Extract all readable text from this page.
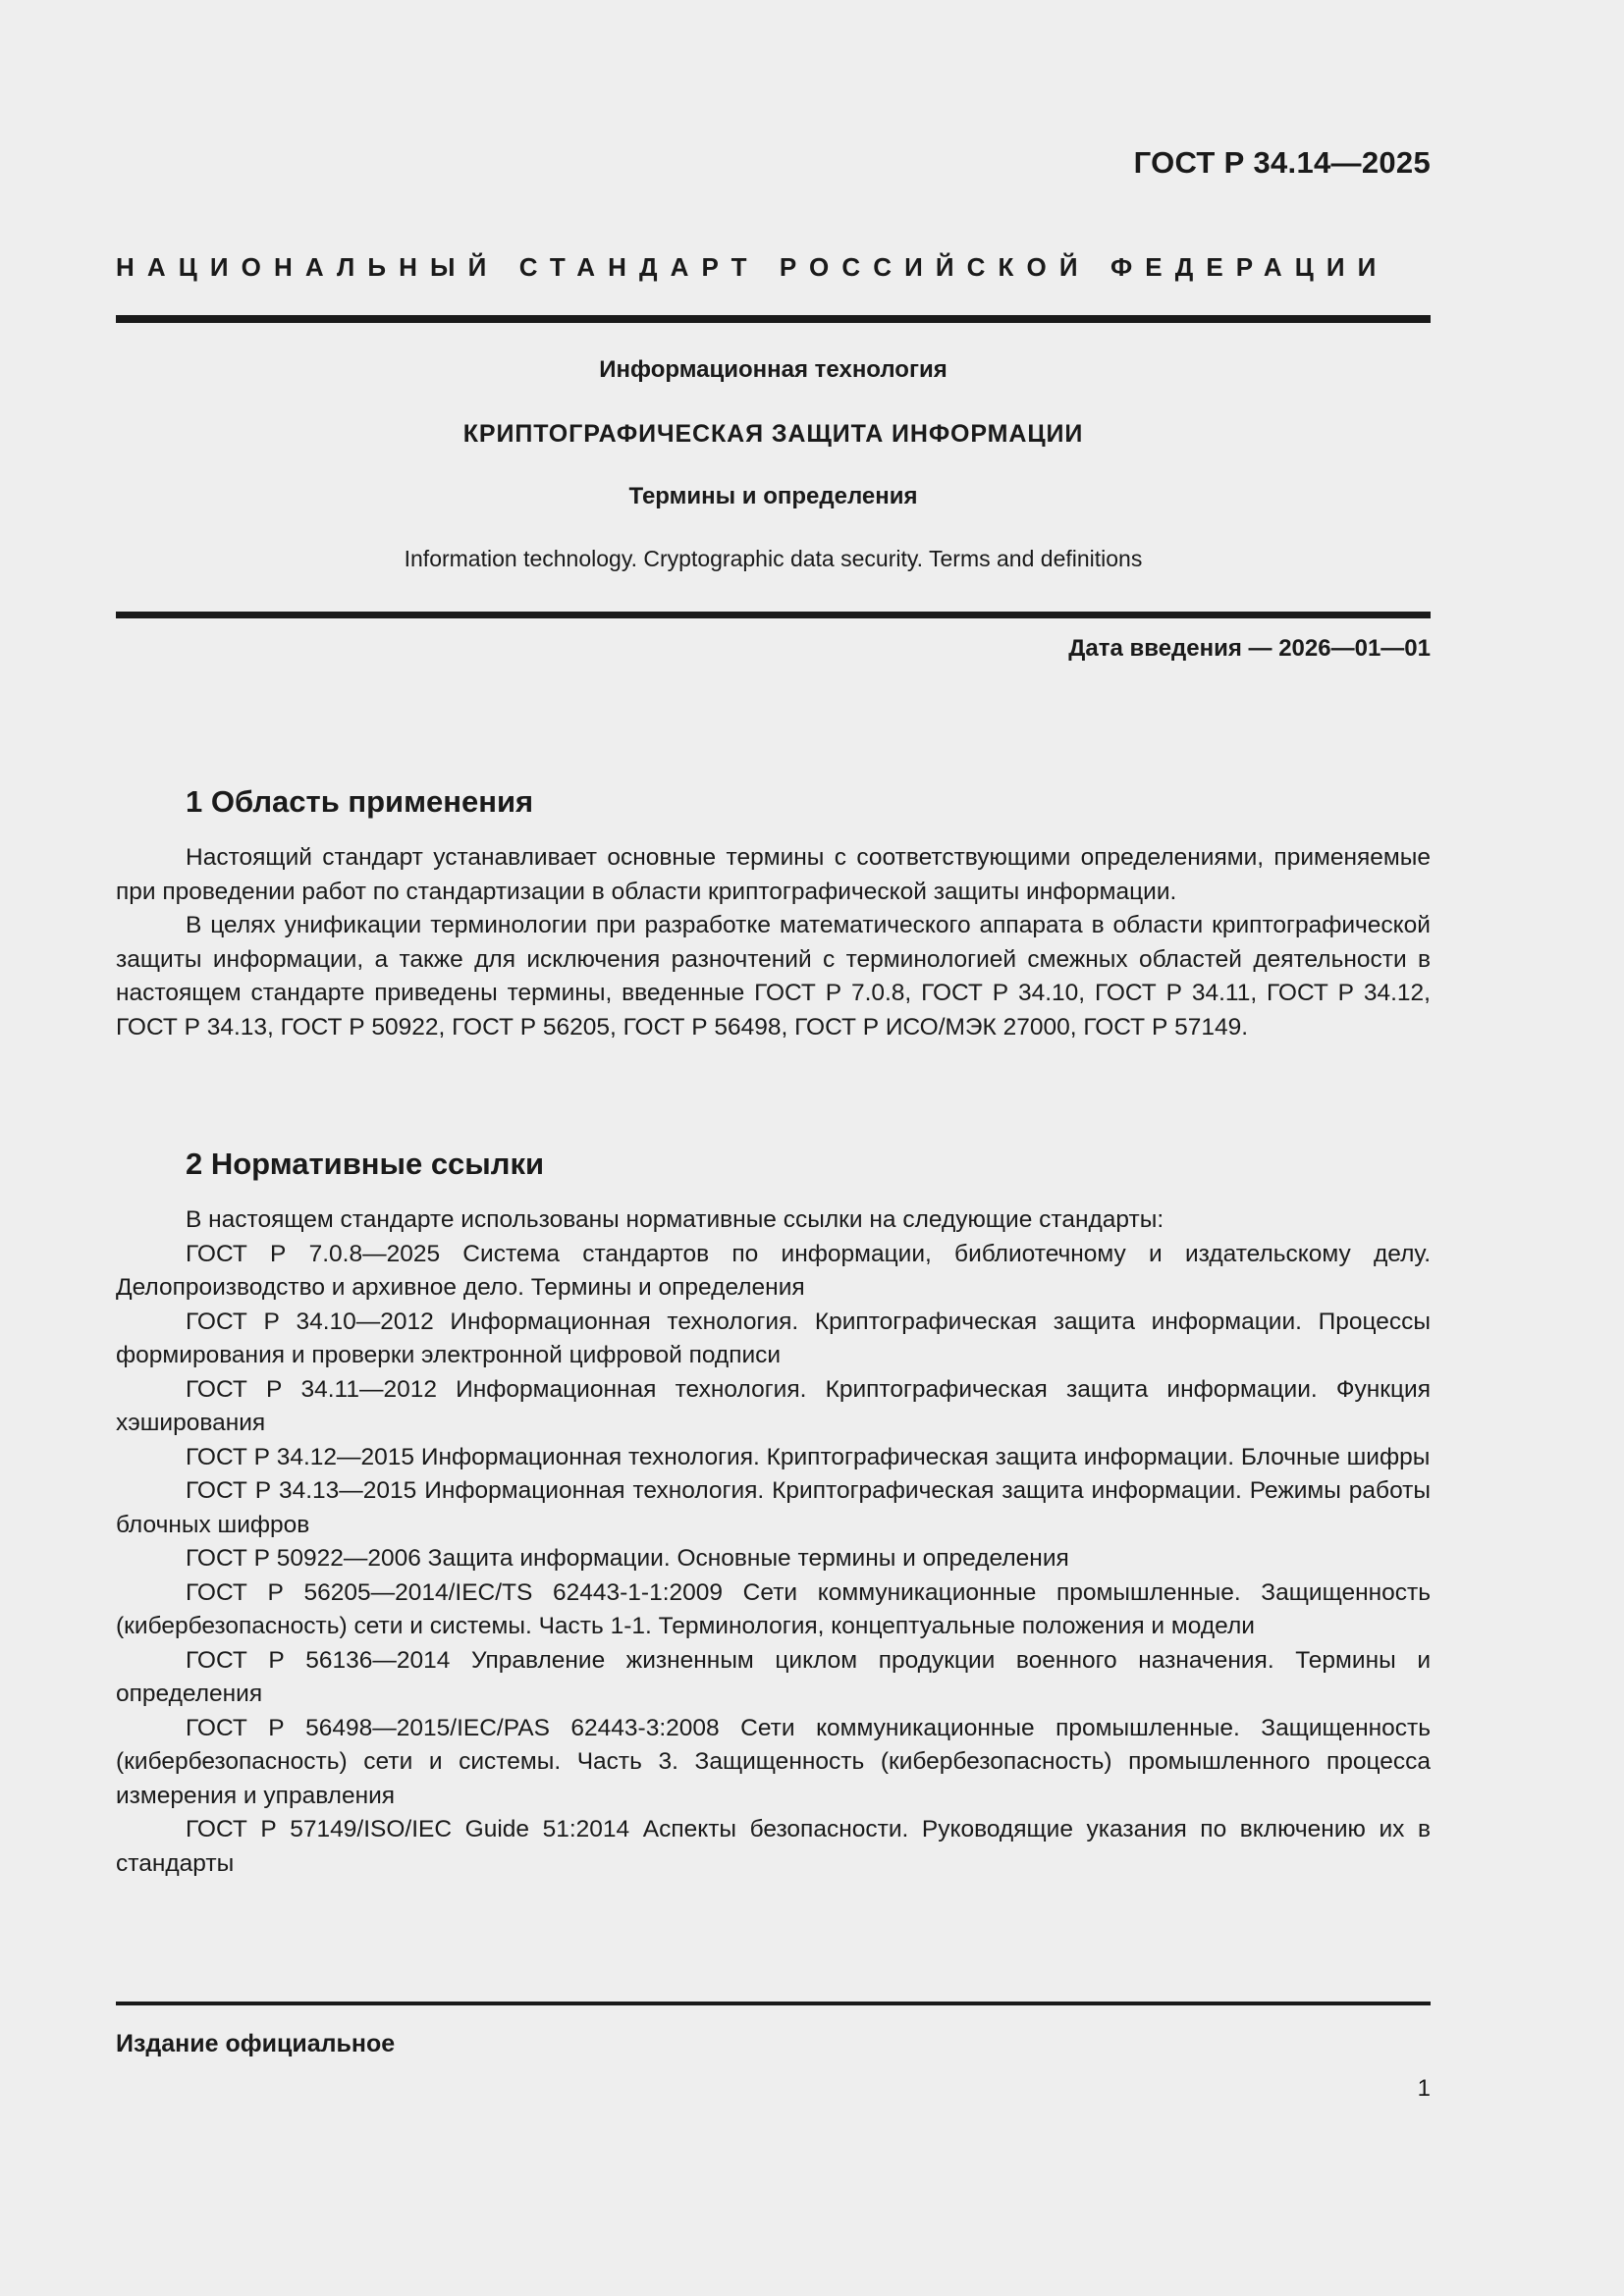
ГОСТ Р 34.14—2025
НАЦИОНАЛЬНЫЙ СТАНДАРТ РОССИЙСКОЙ ФЕДЕРАЦИИ
Информационная технология
КРИПТОГРАФИЧЕСКАЯ ЗАЩИТА ИНФОРМАЦИИ
Термины и определения
Information technology. Cryptographic data security. Terms and definitions
Дата введения — 2026—01—01
1 Область применения

Настоящий стандарт устанавливает основные термины с соответствующими определениями, применяемые при проведении работ по стандартизации в области криптографической защиты информации.

В целях унификации терминологии при разработке математического аппарата в области криптографической защиты информации, а также для исключения разночтений с терминологией смежных областей деятельности в настоящем стандарте приведены термины, введенные ГОСТ Р 7.0.8, ГОСТ Р 34.10, ГОСТ Р 34.11, ГОСТ Р 34.12, ГОСТ Р 34.13, ГОСТ Р 50922, ГОСТ Р 56205, ГОСТ Р 56498, ГОСТ Р ИСО/МЭК 27000, ГОСТ Р 57149.

2 Нормативные ссылки

В настоящем стандарте использованы нормативные ссылки на следующие стандарты:

ГОСТ Р 7.0.8—2025 Система стандартов по информации, библиотечному и издательскому делу. Делопроизводство и архивное дело. Термины и определения

ГОСТ Р 34.10—2012 Информационная технология. Криптографическая защита информации. Процессы формирования и проверки электронной цифровой подписи

ГОСТ Р 34.11—2012 Информационная технология. Криптографическая защита информации. Функция хэширования

ГОСТ Р 34.12—2015 Информационная технология. Криптографическая защита информации. Блочные шифры

ГОСТ Р 34.13—2015 Информационная технология. Криптографическая защита информации. Режимы работы блочных шифров

ГОСТ Р 50922—2006 Защита информации. Основные термины и определения

ГОСТ Р 56205—2014/IEC/TS 62443-1-1:2009 Сети коммуникационные промышленные. Защищенность (кибербезопасность) сети и системы. Часть 1-1. Терминология, концептуальные положения и модели

ГОСТ Р 56136—2014 Управление жизненным циклом продукции военного назначения. Термины и определения

ГОСТ Р 56498—2015/IEC/PAS 62443-3:2008 Сети коммуникационные промышленные. Защищенность (кибербезопасность) сети и системы. Часть 3. Защищенность (кибербезопасность) промышленного процесса измерения и управления

ГОСТ Р 57149/ISO/IEC Guide 51:2014 Аспекты безопасности. Руководящие указания по включению их в стандарты

Издание официальное
1
